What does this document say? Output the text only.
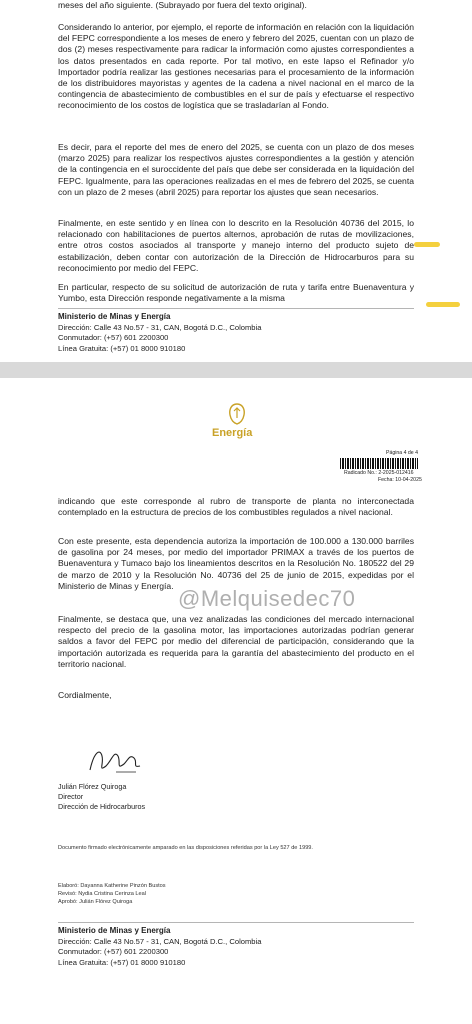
meses del año siguiente. (Subrayado por fuera del texto original).
Considerando lo anterior, por ejemplo, el reporte de información en relación con la liquidación del FEPC correspondiente a los meses de enero y febrero del 2025, cuentan con un plazo de dos (2) meses respectivamente para radicar la información como ajustes correspondientes a los datos presentados en cada reporte. Por tal motivo, en este lapso el Refinador y/o Importador podría realizar las gestiones necesarias para el procesamiento de la información de los distribuidores mayoristas y agentes de la cadena a nivel nacional en el marco de la contingencia de abastecimiento de combustibles en el sur de país y efectuarse el respectivo reconocimiento de los costos de logística que se trasladarían al Fondo.
Es decir, para el reporte del mes de enero del 2025, se cuenta con un plazo de dos meses (marzo 2025) para realizar los respectivos ajustes correspondientes a la gestión y atención de la contingencia en el suroccidente del país que debe ser considerada en la liquidación del FEPC. Igualmente, para las operaciones realizadas en el mes de febrero del 2025, se cuenta con un plazo de 2 meses (abril 2025) para reportar los ajustes que sean necesarios.
Finalmente, en este sentido y en línea con lo descrito en la Resolución 40736 del 2015, lo relacionado con habilitaciones de puertos alternos, aprobación de rutas de movilizaciones, entre otros costos asociados al transporte y manejo interno del producto sujeto de estabilización, deben contar con autorización de la Dirección de Hidrocarburos para su reconocimiento por medio del FEPC.
En particular, respecto de su solicitud de autorización de ruta y tarifa entre Buenaventura y Yumbo, esta Dirección responde negativamente a la misma
Ministerio de Minas y Energía
Dirección: Calle 43 No.57 - 31, CAN, Bogotá D.C., Colombia
Conmutador: (+57) 601 2200300
Línea Gratuita: (+57) 01 8000 910180
Energía
Página 4 de 4
Radicado No.: 2-2025-012416
Fecha: 10-04-2025
indicando que este corresponde al rubro de transporte de planta no interconectada contemplado en la estructura de precios de los combustibles regulados a nivel nacional.
Con este presente, esta dependencia autoriza la importación de 100.000 a 130.000 barriles de gasolina por 24 meses, por medio del importador PRIMAX a través de los puertos de Buenaventura y Tumaco bajo los lineamientos descritos en la Resolución No. 180522 del 29 de marzo de 2010 y la Resolución No. 40736 del 25 de junio de 2015, expedidas por el Ministerio de Minas y Energía.
Finalmente, se destaca que, una vez analizadas las condiciones del mercado internacional respecto del precio de la gasolina motor, las importaciones autorizadas podrían generar saldos a favor del FEPC por medio del diferencial de participación, considerando que la importación autorizada es requerida para la garantía del abastecimiento del producto en el territorio nacional.
Cordialmente,
Julián Flórez Quiroga
Director
Dirección de Hidrocarburos
Documento firmado electrónicamente amparado en las disposiciones referidas por la Ley 527 de 1999.
Elaboró: Dayanna Katherine Pinzón Bustos
Revisó: Nydia Cristina Cerinza Leal
Aprobó: Julián Flórez Quiroga
Ministerio de Minas y Energía
Dirección: Calle 43 No.57 - 31, CAN, Bogotá D.C., Colombia
Conmutador: (+57) 601 2200300
Línea Gratuita: (+57) 01 8000 910180
@Melquisedec70
